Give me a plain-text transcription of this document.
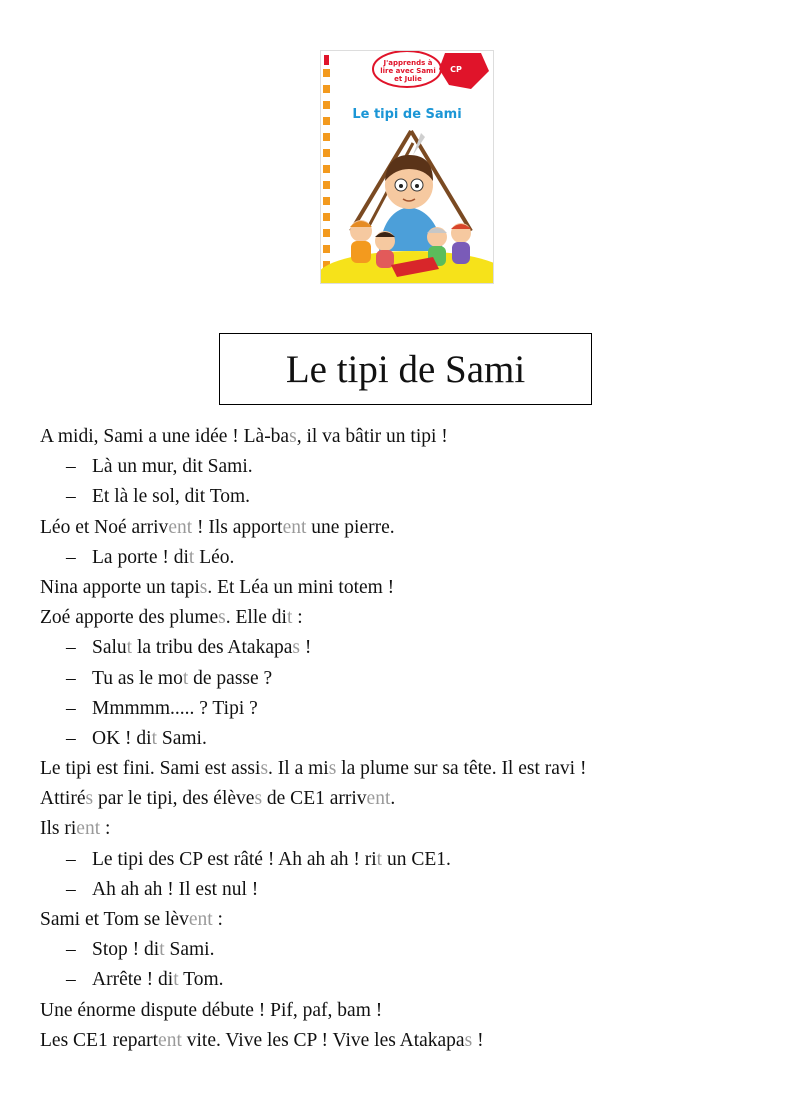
J'apprends à lire avec Sami et Julie
CP
Le tipi de Sami
Le tipi de Sami
A midi, Sami a une idée ! Là-bas, il va bâtir un tipi !
– Là un mur, dit Sami.
– Et là le sol, dit Tom.
Léo et Noé arrivent ! Ils apportent une pierre.
– La porte ! dit Léo.
Nina apporte un tapis. Et Léa un mini totem !
Zoé apporte des plumes. Elle dit :
– Salut la tribu des Atakapas !
– Tu as le mot de passe ?
– Mmmmm..... ? Tipi ?
– OK ! dit Sami.
Le tipi est fini. Sami est assis. Il a mis la plume sur sa tête. Il est ravi !
Attirés par le tipi, des élèves de CE1 arrivent.
Ils rient :
– Le tipi des CP est râté ! Ah ah ah ! rit un CE1.
– Ah ah ah ! Il est nul !
Sami et Tom se lèvent :
– Stop ! dit Sami.
– Arrête ! dit Tom.
Une énorme dispute débute ! Pif, paf, bam !
Les CE1 repartent vite. Vive les CP ! Vive les Atakapas !
